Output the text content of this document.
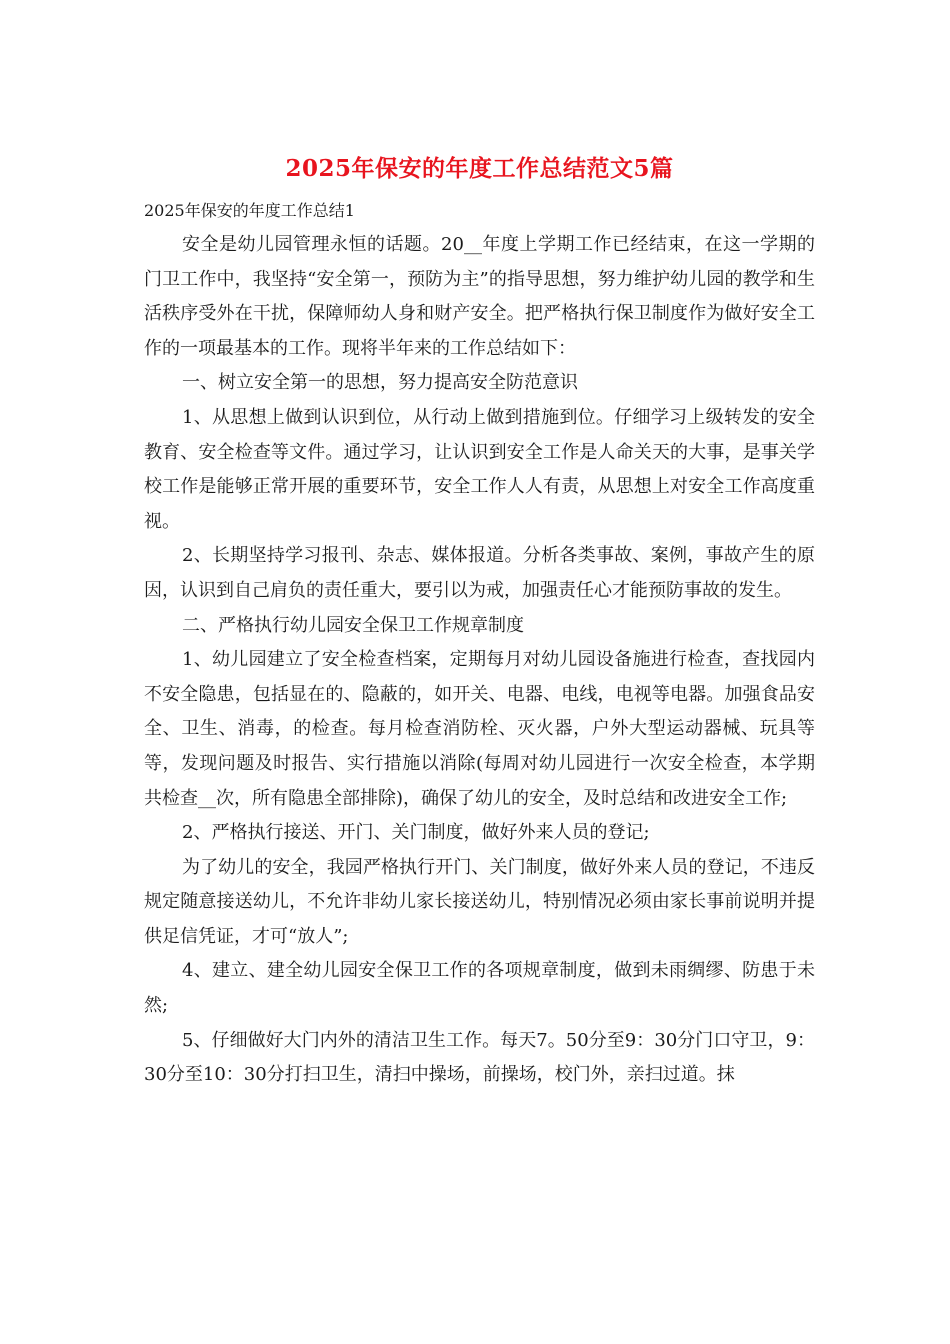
2025年保安的年度工作总结范文5篇
2025年保安的年度工作总结1

安全是幼儿园管理永恒的话题。20__年度上学期工作已经结束，在这一学期的门卫工作中，我坚持“安全第一，预防为主”的指导思想，努力维护幼儿园的教学和生活秩序受外在干扰，保障师幼人身和财产安全。把严格执行保卫制度作为做好安全工作的一项最基本的工作。现将半年来的工作总结如下：

一、树立安全第一的思想，努力提高安全防范意识

1、从思想上做到认识到位，从行动上做到措施到位。仔细学习上级转发的安全教育、安全检查等文件。通过学习，让认识到安全工作是人命关天的大事，是事关学校工作是能够正常开展的重要环节，安全工作人人有责，从思想上对安全工作高度重视。

2、长期坚持学习报刊、杂志、媒体报道。分析各类事故、案例，事故产生的原因，认识到自己肩负的责任重大，要引以为戒，加强责任心才能预防事故的发生。

二、严格执行幼儿园安全保卫工作规章制度

1、幼儿园建立了安全检查档案，定期每月对幼儿园设备施进行检查，查找园内不安全隐患，包括显在的、隐蔽的，如开关、电器、电线，电视等电器。加强食品安全、卫生、消毒，的检查。每月检查消防栓、灭火器，户外大型运动器械、玩具等等，发现问题及时报告、实行措施以消除(每周对幼儿园进行一次安全检查，本学期共检查__次，所有隐患全部排除)，确保了幼儿的安全，及时总结和改进安全工作;

2、严格执行接送、开门、关门制度，做好外来人员的登记;

为了幼儿的安全，我园严格执行开门、关门制度，做好外来人员的登记，不违反规定随意接送幼儿，不允许非幼儿家长接送幼儿，特别情况必须由家长事前说明并提供足信凭证，才可“放人”;

4、建立、建全幼儿园安全保卫工作的各项规章制度，做到未雨绸缪、防患于未然;

5、仔细做好大门内外的清洁卫生工作。每天7。50分至9：30分门口守卫，9：30分至10：30分打扫卫生，清扫中操场，前操场，校门外，亲扫过道。抹
